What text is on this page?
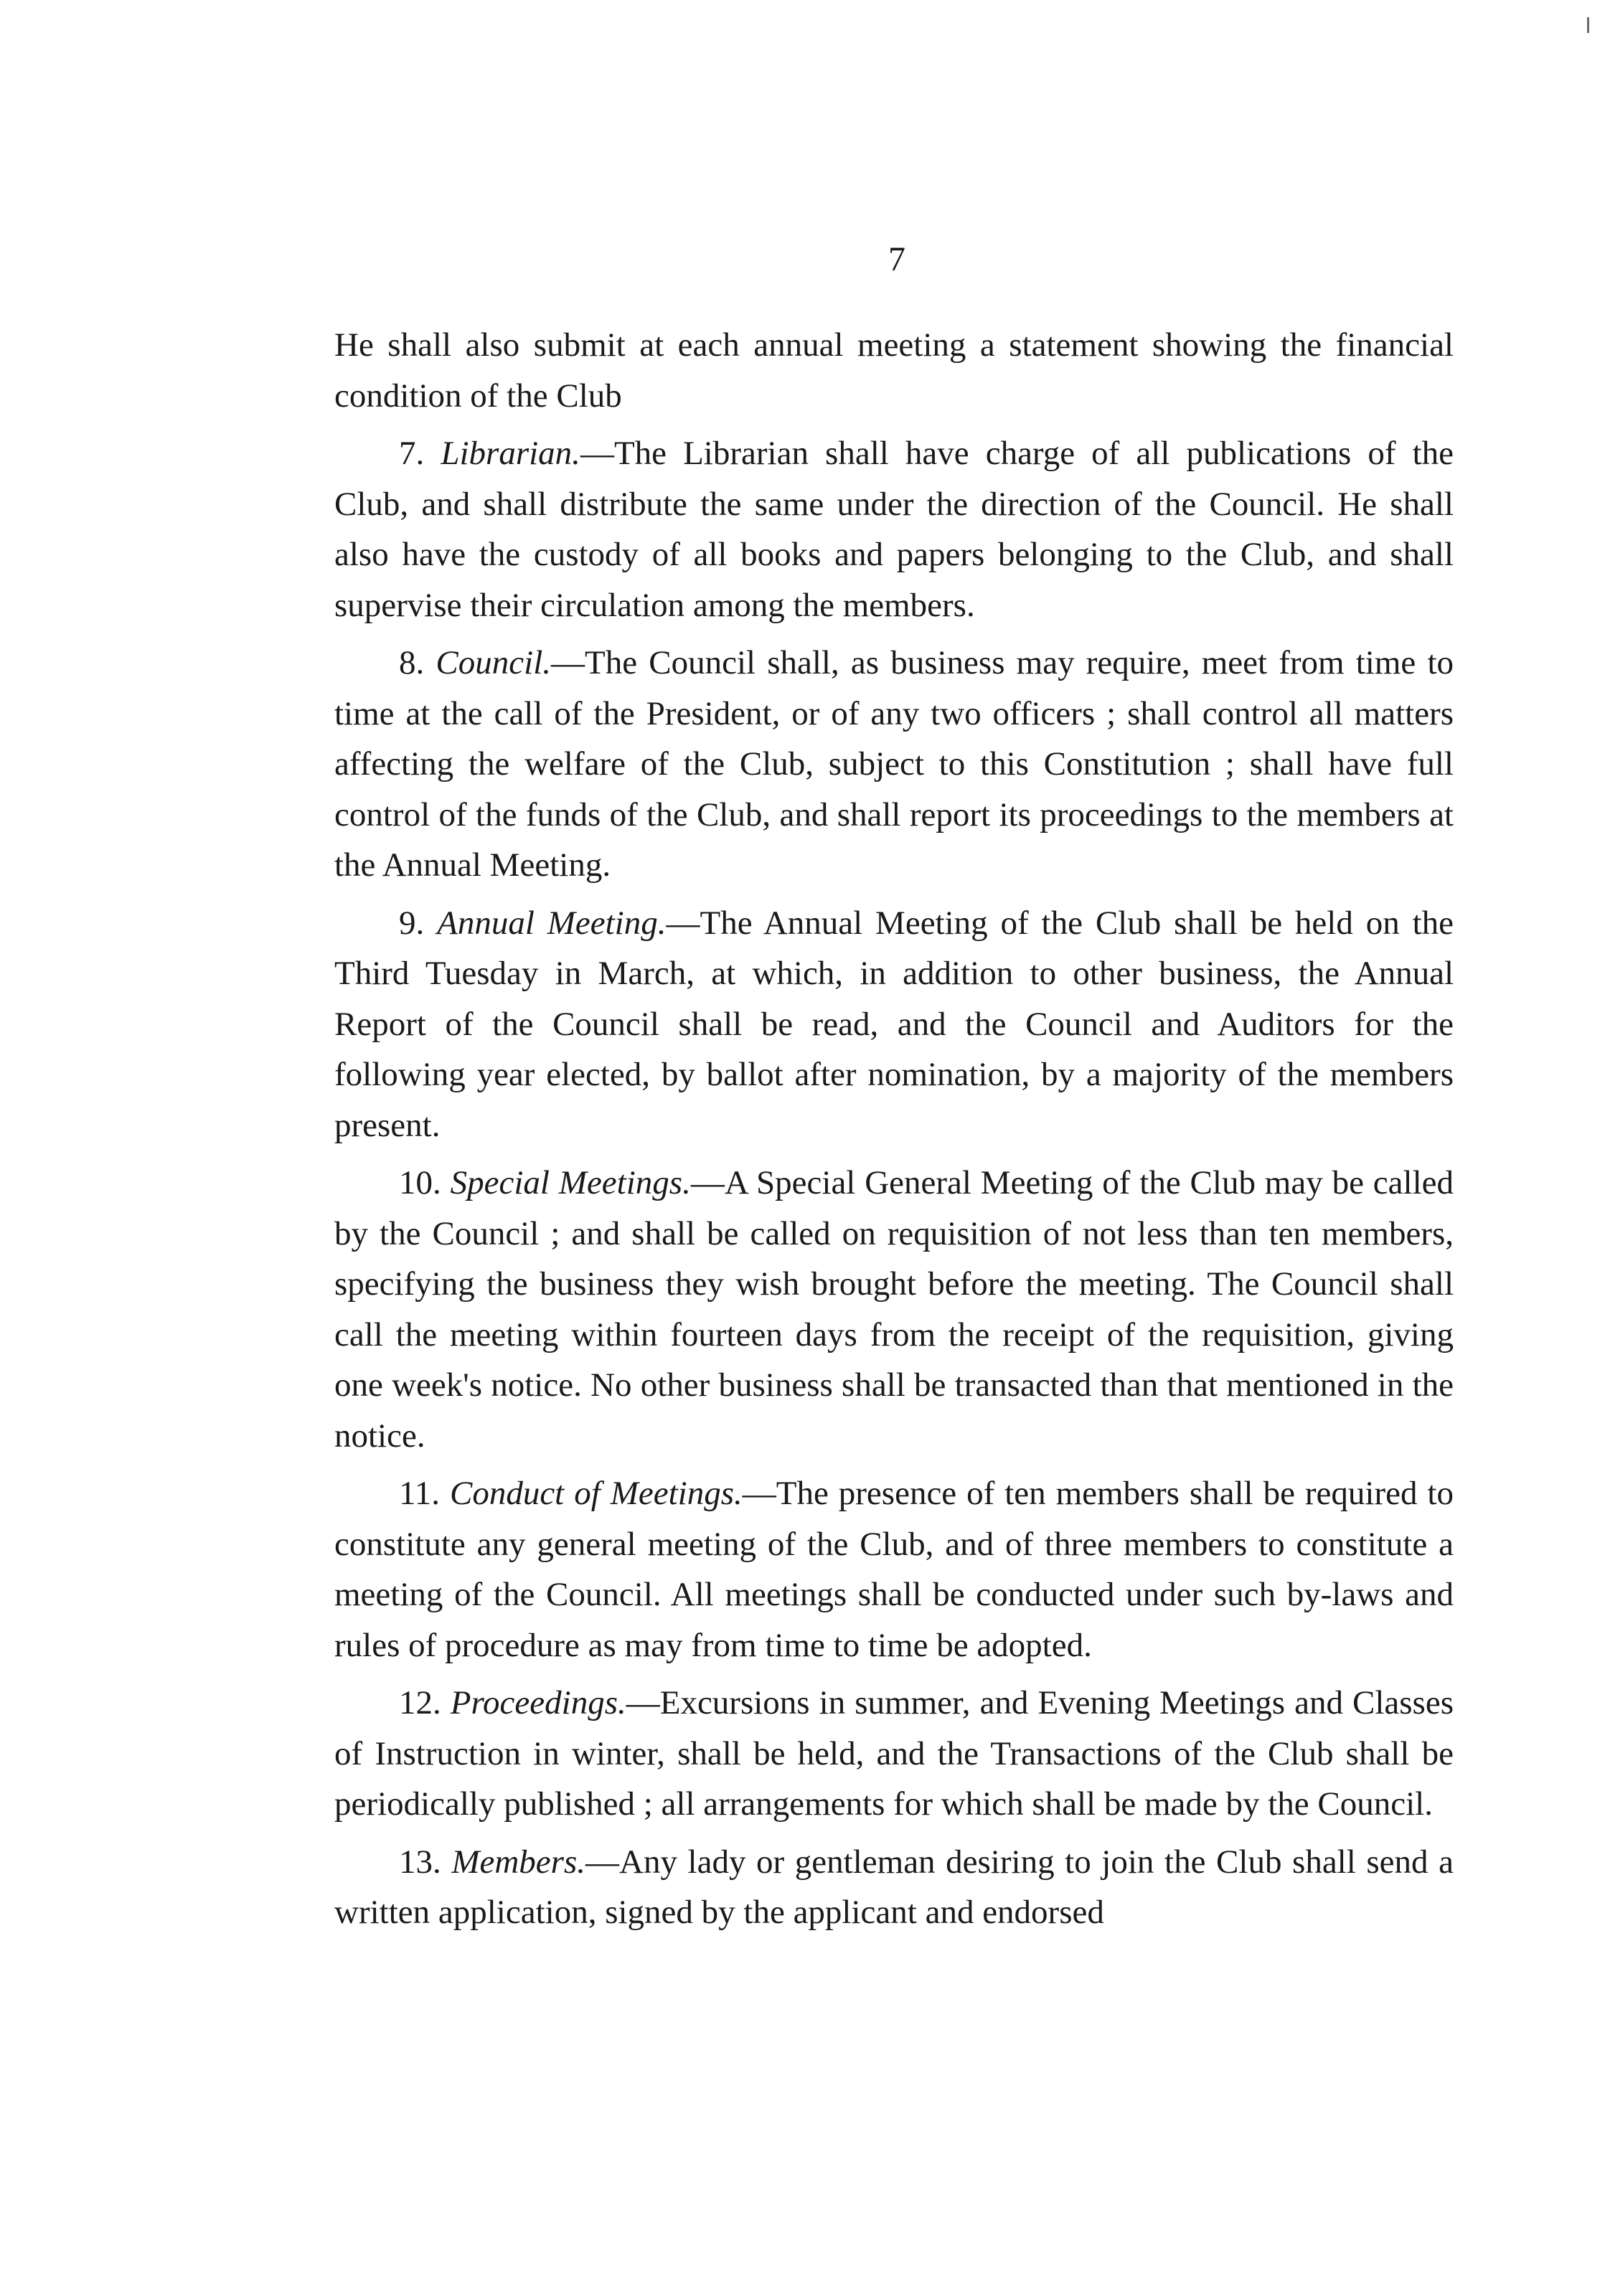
7

He shall also submit at each annual meeting a statement showing the financial condition of the Club

7. Librarian.—The Librarian shall have charge of all publications of the Club, and shall distribute the same under the direction of the Council. He shall also have the custody of all books and papers belonging to the Club, and shall supervise their circulation among the members.

8. Council.—The Council shall, as business may require, meet from time to time at the call of the President, or of any two officers ; shall control all matters affecting the welfare of the Club, subject to this Constitution ; shall have full control of the funds of the Club, and shall report its proceedings to the members at the Annual Meeting.

9. Annual Meeting.—The Annual Meeting of the Club shall be held on the Third Tuesday in March, at which, in addition to other business, the Annual Report of the Council shall be read, and the Council and Auditors for the following year elected, by ballot after nomination, by a majority of the members present.

10. Special Meetings.—A Special General Meeting of the Club may be called by the Council ; and shall be called on requisition of not less than ten members, specifying the business they wish brought before the meeting. The Council shall call the meeting within fourteen days from the receipt of the requisition, giving one week's notice. No other business shall be transacted than that mentioned in the notice.

11. Conduct of Meetings.—The presence of ten members shall be required to constitute any general meeting of the Club, and of three members to constitute a meeting of the Council. All meetings shall be conducted under such by-laws and rules of procedure as may from time to time be adopted.

12. Proceedings.—Excursions in summer, and Evening Meetings and Classes of Instruction in winter, shall be held, and the Transactions of the Club shall be periodically published ; all arrangements for which shall be made by the Council.

13. Members.—Any lady or gentleman desiring to join the Club shall send a written application, signed by the applicant and endorsed
